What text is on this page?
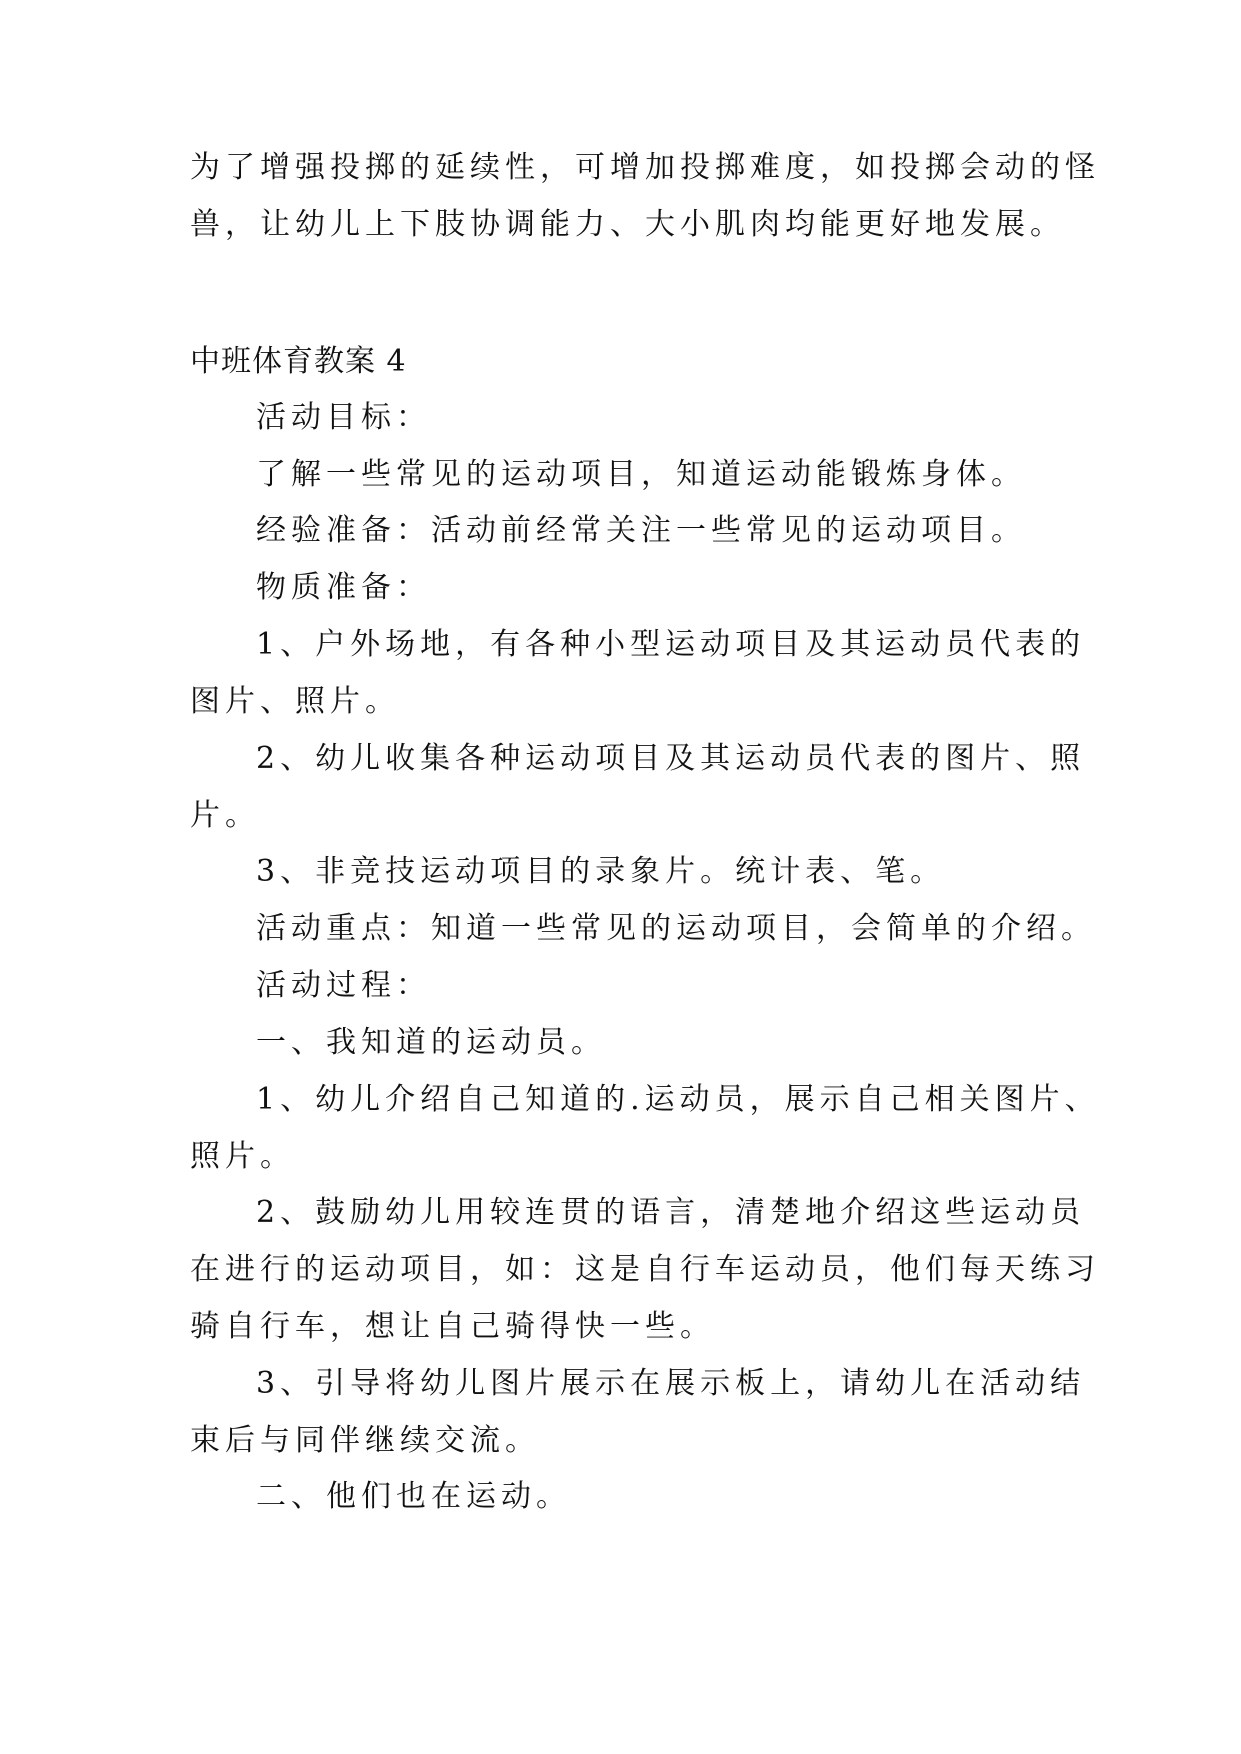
为了增强投掷的延续性，可增加投掷难度，如投掷会动的怪
兽，让幼儿上下肢协调能力、大小肌肉均能更好地发展。
中班体育教案 4
活动目标：
了解一些常见的运动项目，知道运动能锻炼身体。
经验准备：活动前经常关注一些常见的运动项目。
物质准备：
1、户外场地，有各种小型运动项目及其运动员代表的
图片、照片。
2、幼儿收集各种运动项目及其运动员代表的图片、照
片。
3、非竞技运动项目的录象片。统计表、笔。
活动重点：知道一些常见的运动项目，会简单的介绍。
活动过程：
一、我知道的运动员。
1、幼儿介绍自己知道的.运动员，展示自己相关图片、
照片。
2、鼓励幼儿用较连贯的语言，清楚地介绍这些运动员
在进行的运动项目，如：这是自行车运动员，他们每天练习
骑自行车，想让自己骑得快一些。
3、引导将幼儿图片展示在展示板上，请幼儿在活动结
束后与同伴继续交流。
二、他们也在运动。
